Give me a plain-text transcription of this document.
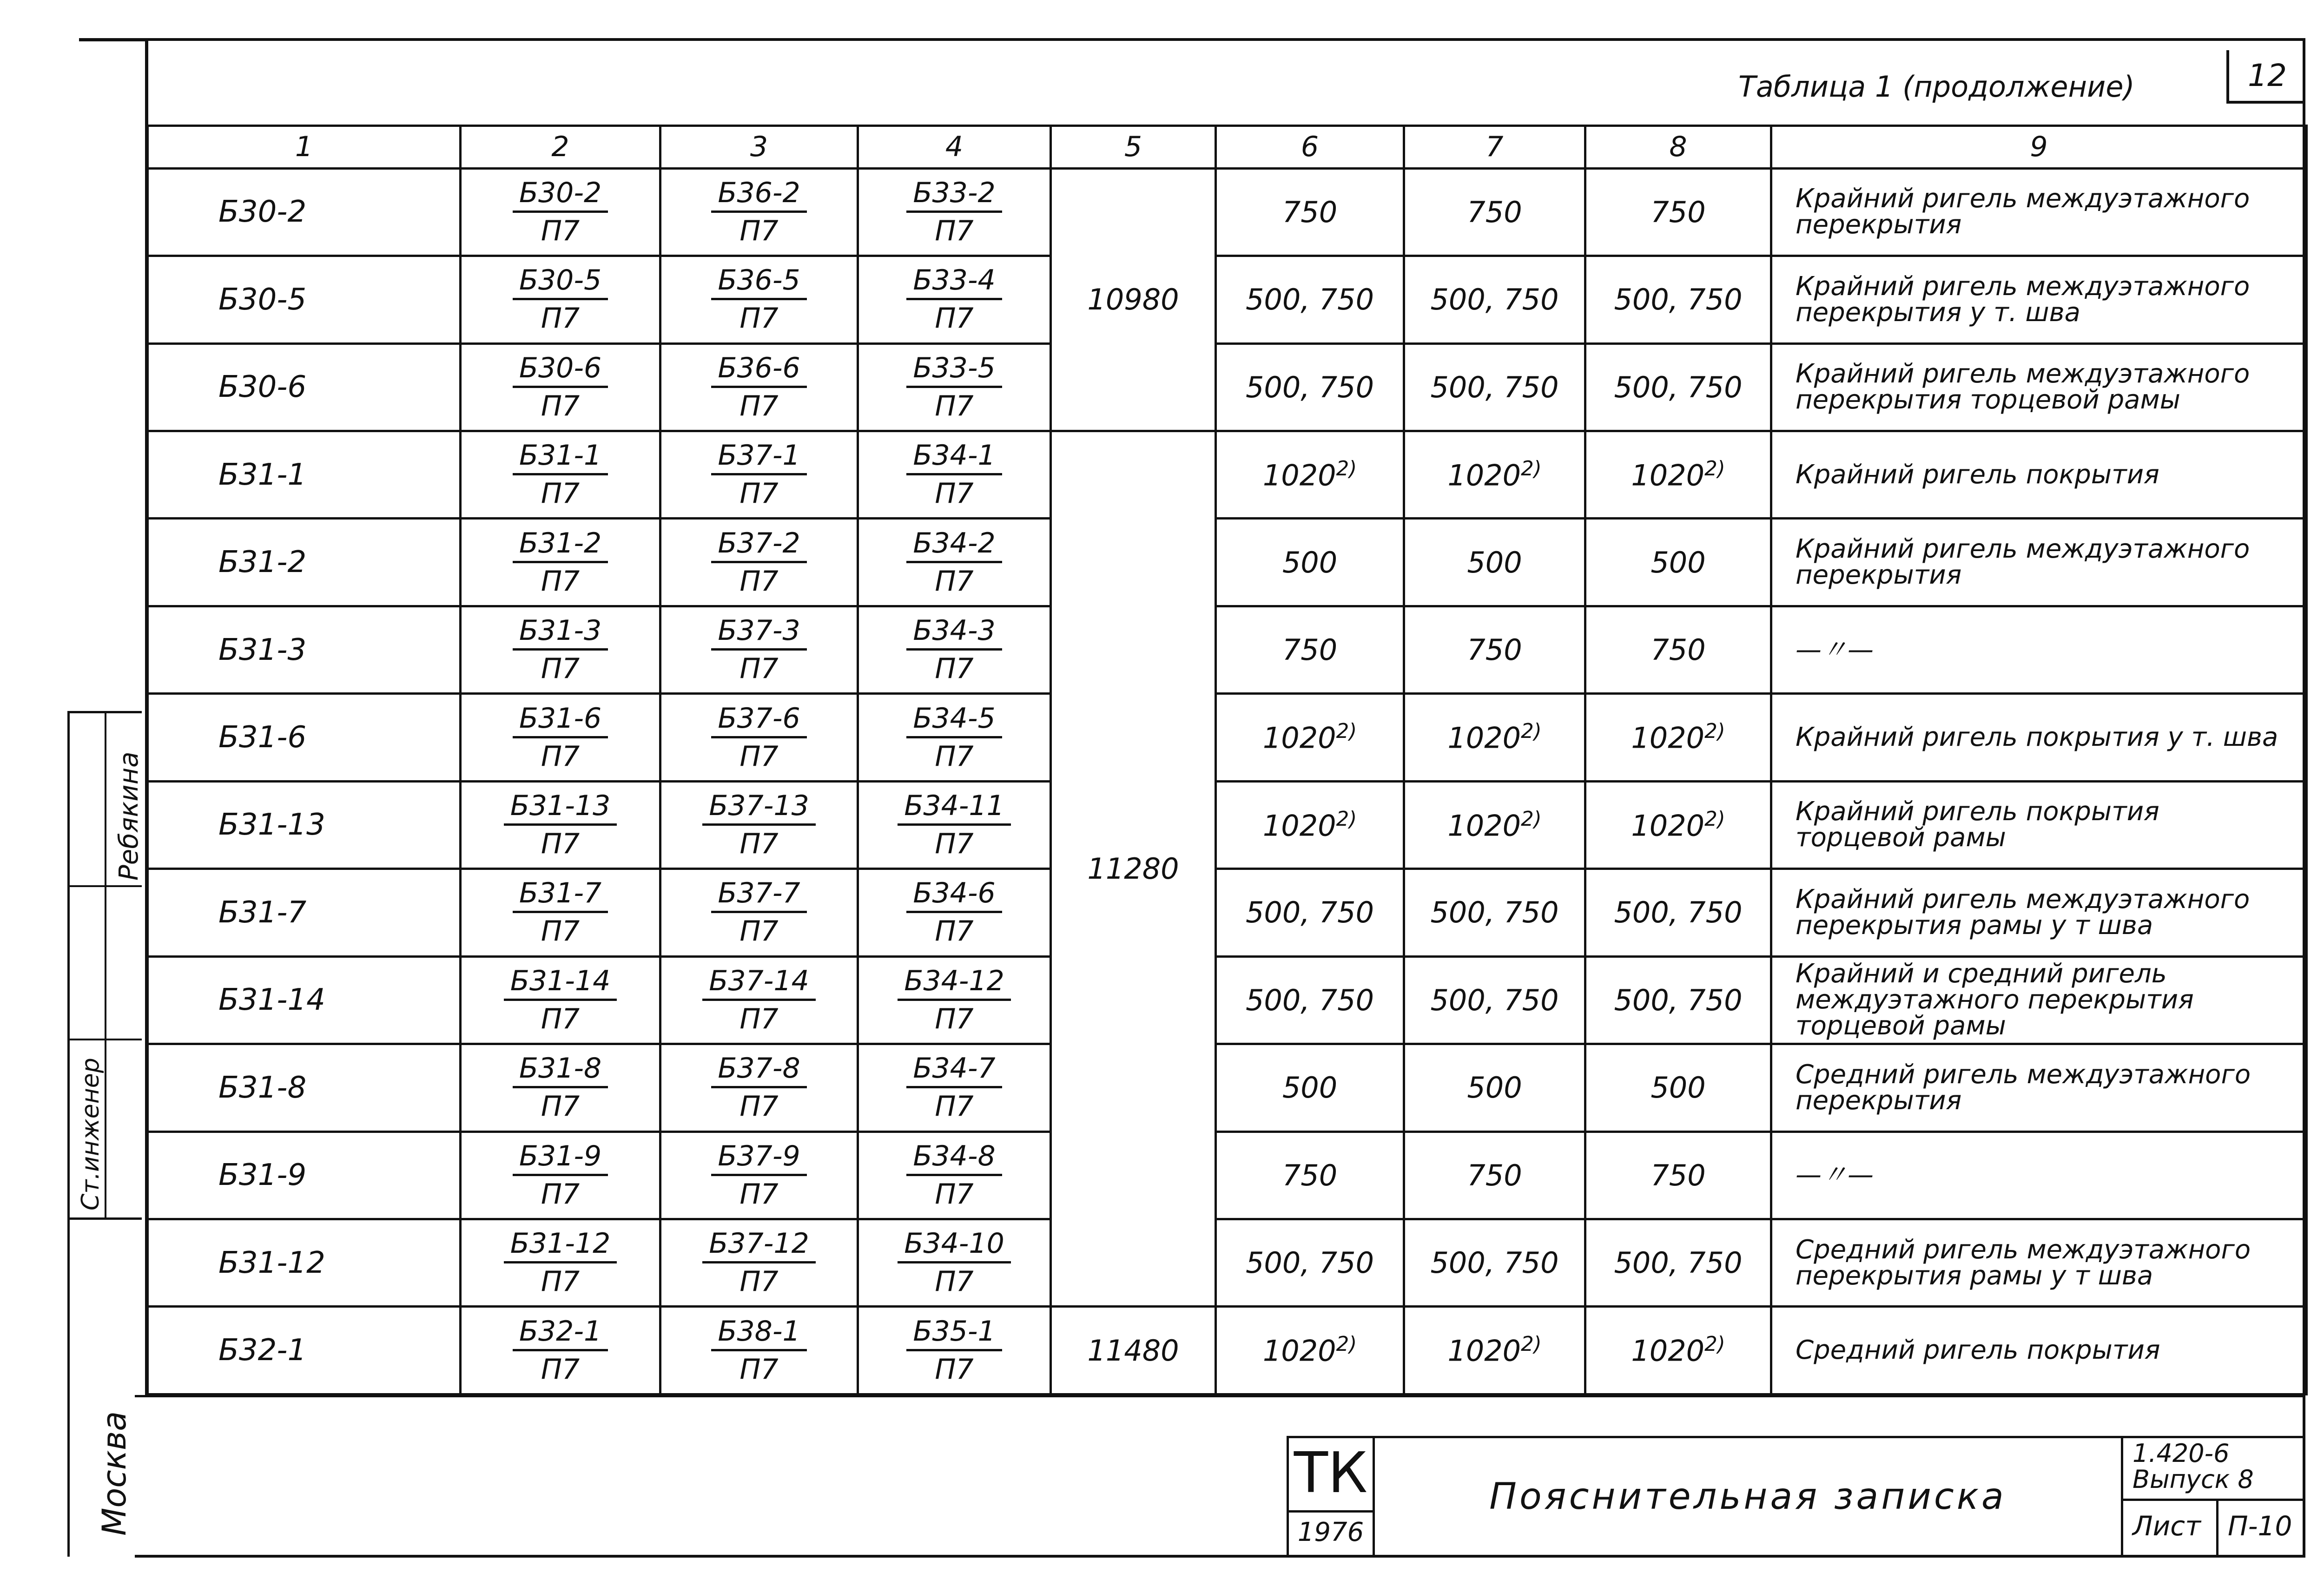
Таблица 1 (продолжение)	12
1	2	3	4	5	6	7	8	9
Б30-2	$\frac{Б30-2}{П7}$	$\frac{Б36-2}{П7}$	$\frac{Б33-2}{П7}$	10980	750	750	750	Крайний ригель междуэтажного перекрытия
Б30-5	$\frac{Б30-5}{П7}$	$\frac{Б36-5}{П7}$	$\frac{Б33-4}{П7}$		500, 750	500, 750	500, 750	Крайний ригель междуэтажного перекрытия у т. шва
Б30-6	$\frac{Б30-6}{П7}$	$\frac{Б36-6}{П7}$	$\frac{Б33-5}{П7}$		500, 750	500, 750	500, 750	Крайний ригель междуэтажного перекрытия торцевой рамы
Б31-1	$\frac{Б31-1}{П7}$	$\frac{Б37-1}{П7}$	$\frac{Б34-1}{П7}$	11280	1020$^{2)}$	1020$^{2)}$	1020$^{2)}$	Крайний ригель покрытия
Б31-2	$\frac{Б31-2}{П7}$	$\frac{Б37-2}{П7}$	$\frac{Б34-2}{П7}$		500	500	500	Крайний ригель междуэтажного перекрытия
Б31-3	$\frac{Б31-3}{П7}$	$\frac{Б37-3}{П7}$	$\frac{Б34-3}{П7}$		750	750	750	—〃—
Б31-6	$\frac{Б31-6}{П7}$	$\frac{Б37-6}{П7}$	$\frac{Б34-5}{П7}$		1020$^{2)}$	1020$^{2)}$	1020$^{2)}$	Крайний ригель покрытия у т. шва
Б31-13	$\frac{Б31-13}{П7}$	$\frac{Б37-13}{П7}$	$\frac{Б34-11}{П7}$		1020$^{2)}$	1020$^{2)}$	1020$^{2)}$	Крайний ригель покрытия торцевой рамы
Б31-7	$\frac{Б31-7}{П7}$	$\frac{Б37-7}{П7}$	$\frac{Б34-6}{П7}$		500, 750	500, 750	500, 750	Крайний ригель междуэтажного перекрытия рамы у т шва
Б31-14	$\frac{Б31-14}{П7}$	$\frac{Б37-14}{П7}$	$\frac{Б34-12}{П7}$		500, 750	500, 750	500, 750	Крайний и средний ригель междуэтажного перекрытия торцевой рамы
Б31-8	$\frac{Б31-8}{П7}$	$\frac{Б37-8}{П7}$	$\frac{Б34-7}{П7}$		500	500	500	Средний ригель междуэтажного перекрытия
Б31-9	$\frac{Б31-9}{П7}$	$\frac{Б37-9}{П7}$	$\frac{Б34-8}{П7}$		750	750	750	—〃—
Б31-12	$\frac{Б31-12}{П7}$	$\frac{Б37-12}{П7}$	$\frac{Б34-10}{П7}$		500, 750	500, 750	500, 750	Средний ригель междуэтажного перекрытия рамы у т шва
Б32-1	$\frac{Б32-1}{П7}$	$\frac{Б38-1}{П7}$	$\frac{Б35-1}{П7}$	11480	1020$^{2)}$	1020$^{2)}$	1020$^{2)}$	Средний ригель покрытия
Ребякина
Ст.инженер
Москва	ТК
1976
Пояснительная записка
1.420-6
Выпуск 8
Лист П-10
